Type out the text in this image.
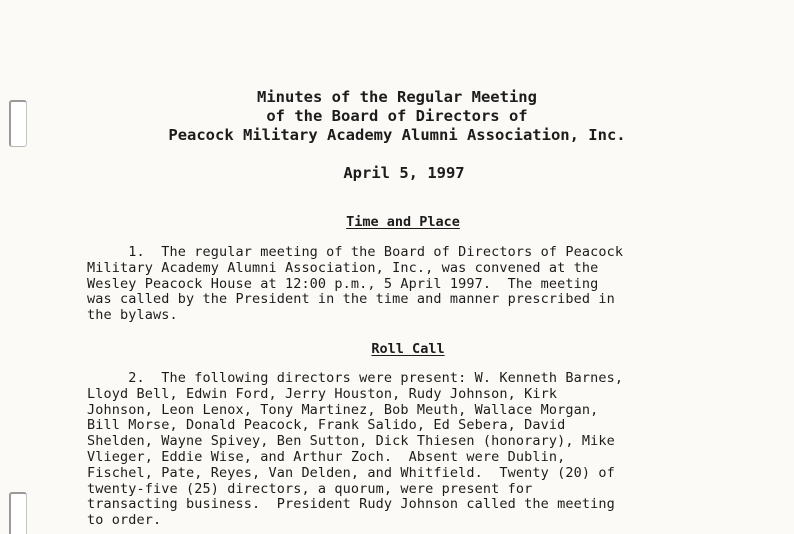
Minutes of the Regular Meeting
of the Board of Directors of
Peacock Military Academy Alumni Association, Inc.
April 5, 1997
Time and Place
1.  The regular meeting of the Board of Directors of Peacock
Military Academy Alumni Association, Inc., was convened at the
Wesley Peacock House at 12:00 p.m., 5 April 1997.  The meeting
was called by the President in the time and manner prescribed in
the bylaws.
Roll Call
2.  The following directors were present: W. Kenneth Barnes,
Lloyd Bell, Edwin Ford, Jerry Houston, Rudy Johnson, Kirk
Johnson, Leon Lenox, Tony Martinez, Bob Meuth, Wallace Morgan,
Bill Morse, Donald Peacock, Frank Salido, Ed Sebera, David
Shelden, Wayne Spivey, Ben Sutton, Dick Thiesen (honorary), Mike
Vlieger, Eddie Wise, and Arthur Zoch.  Absent were Dublin,
Fischel, Pate, Reyes, Van Delden, and Whitfield.  Twenty (20) of
twenty-five (25) directors, a quorum, were present for
transacting business.  President Rudy Johnson called the meeting
to order.
